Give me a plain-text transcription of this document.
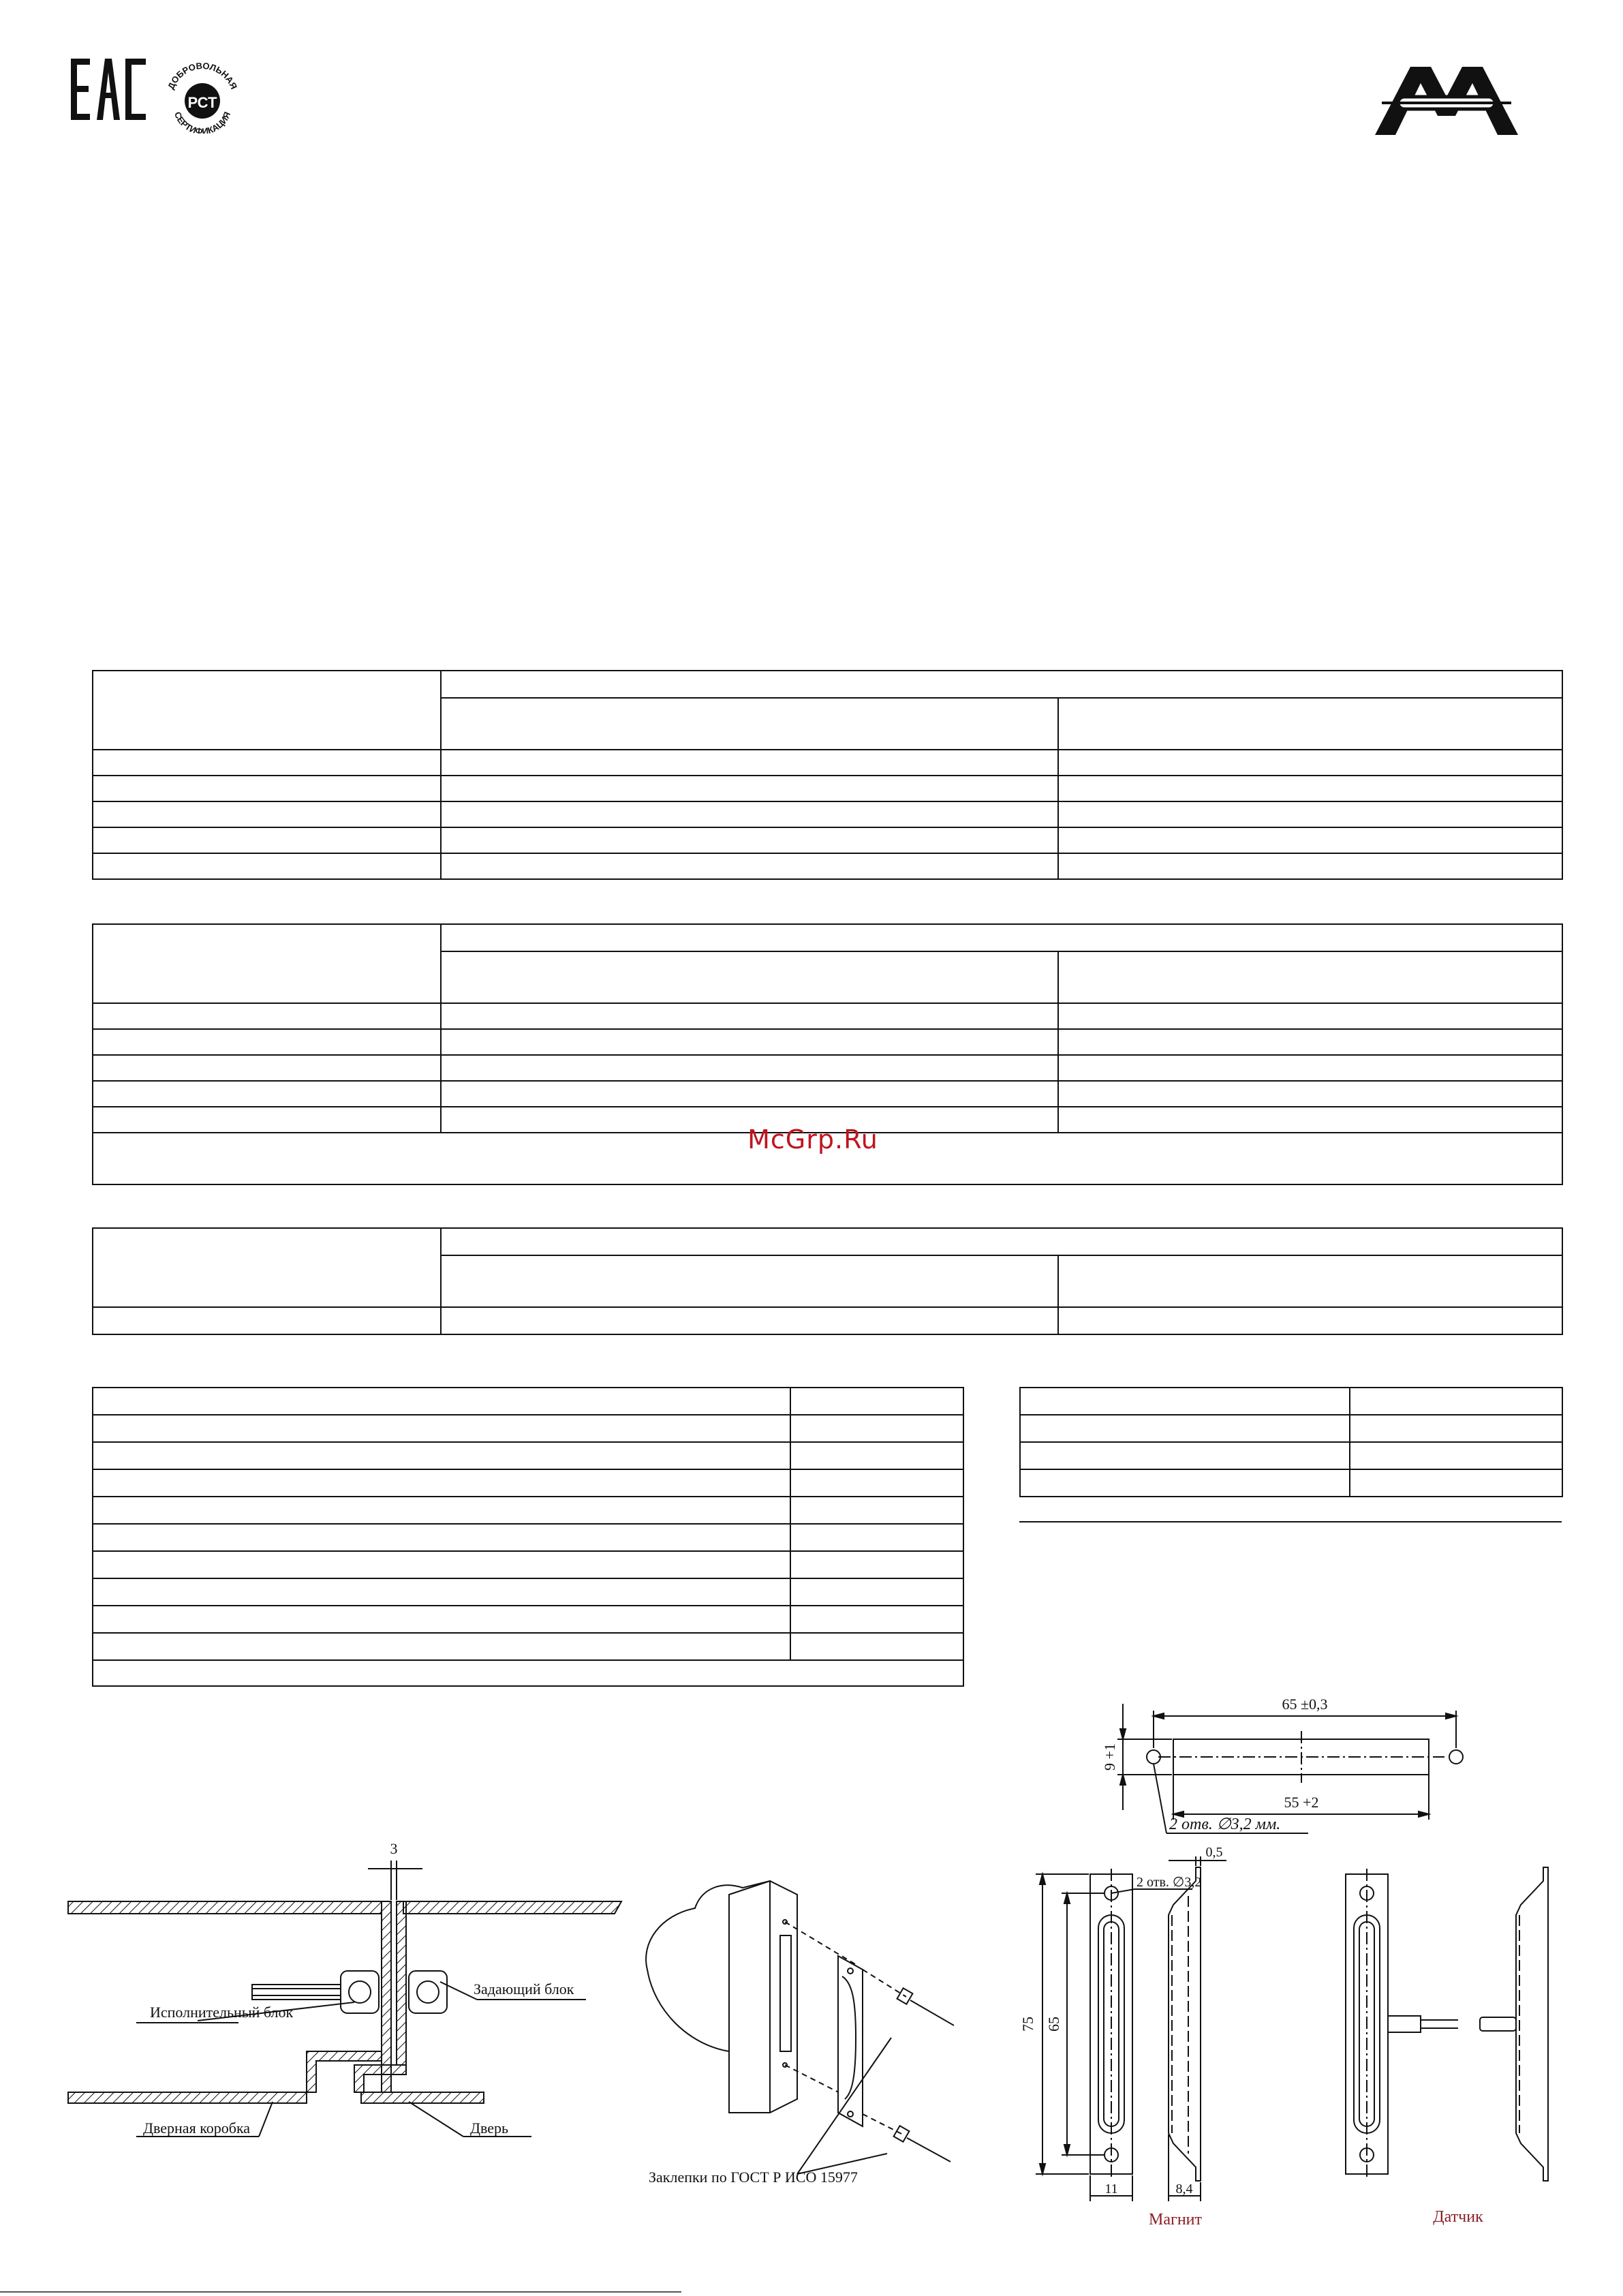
ДОБРОВОЛЬНАЯ
СЕРТИФИКАЦИЯ
РСТ

McGrp.Ru

65 ±0,3
55 +2
9 +1
2 отв. ∅3,2 мм.
75 65
2 отв. ∅3,2
0,5
11	8,4
Магнит	Датчик
3
Исполнительный блок
Задающий блок
Дверная коробка	Дверь
Заклепки по ГОСТ Р ИСО 15977
